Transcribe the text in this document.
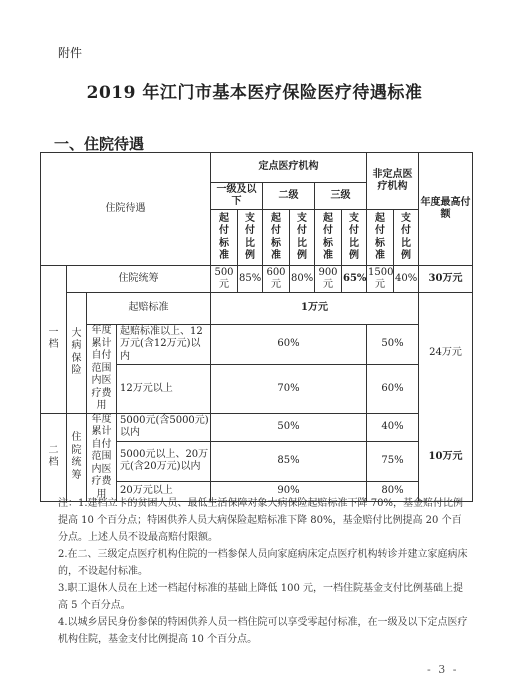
附件
2019 年江门市基本医疗保险医疗待遇标准
一、住院待遇
住院待遇				定点医疗机构						非定点医疗机构		年度最高付额
				一级及以下		二级		三级				
				起付标准	支付比例	起付标准	支付比例	起付标准	支付比例	起付标准	支付比例	
一档	住院统筹			500元	85%	600元	80%	900元	65%	1500元	40%	30万元
	大病保险	起赔标准		1万元								24万元
		年度累计自付范围内医疗费用	起赔标准以上、12万元(含12万元)以内	60%						50%		
			12万元以上	70%						60%		

二档	住院统筹	年度累计自付范围内医疗费用	5000元(含5000元)以内	50%						40%		10万元
			5000元以上、20万元(含20万元)以内	85%						75%		
			20万元以上	90%						80%		

注：1.建档立卡的贫困人员、最低生活保障对象大病保险起赔标准下降 70%，基金赔付比例提高 10 个百分点；特困供养人员大病保险起赔标准下降 80%，基金赔付比例提高 20 个百分点。上述人员不设最高赔付限额。

2.在二、三级定点医疗机构住院的一档参保人员向家庭病床定点医疗机构转诊并建立家庭病床的，不设起付标准。

3.职工退休人员在上述一档起付标准的基础上降低 100 元，一档住院基金支付比例基础上提高 5 个百分点。

4.以城乡居民身份参保的特困供养人员一档住院可以享受零起付标准，在一级及以下定点医疗机构住院，基金支付比例提高 10 个百分点。

- 3 -
